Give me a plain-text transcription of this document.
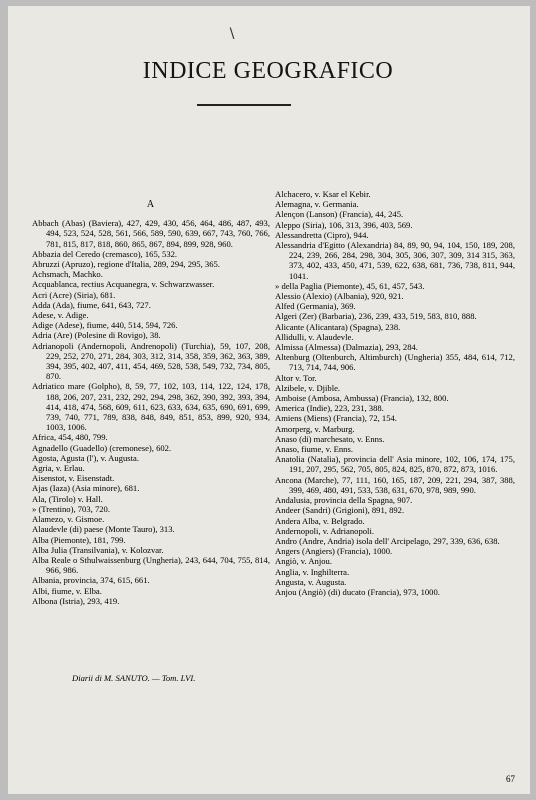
∖
INDICE GEOGRAFICO
A

Abbach (Abas) (Baviera), 427, 429, 430, 456, 464, 486, 487, 493, 494, 523, 524, 528, 561, 566, 589, 590, 639, 667, 743, 760, 766, 781, 815, 817, 818, 860, 865, 867, 894, 899, 928, 960.

Abbazia del Ceredo (cremasco), 165, 532.

Abruzzi (Apruzo), regione d'Italia, 289, 294, 295, 365.

Achsmach, Machko.

Acquablanca, rectius Acquanegra, v. Schwarzwasser.

Acri (Acre) (Siria), 681.

Adda (Ada), fiume, 641, 643, 727.

Adese, v. Adige.

Adige (Adese), fiume, 440, 514, 594, 726.

Adria (Are) (Polesine di Rovigo), 38.

Adrianopoli (Andernopoli, Andrenopoli) (Turchia), 59, 107, 208, 229, 252, 270, 271, 284, 303, 312, 314, 358, 359, 362, 363, 389, 394, 395, 402, 407, 411, 454, 469, 528, 538, 549, 732, 734, 805, 870.

Adriatico mare (Golpho), 8, 59, 77, 102, 103, 114, 122, 124, 178, 188, 206, 207, 231, 232, 292, 294, 298, 362, 390, 392, 393, 394, 414, 418, 474, 568, 609, 611, 623, 633, 634, 635, 690, 691, 699, 739, 740, 771, 789, 838, 848, 849, 851, 853, 899, 920, 934, 1003, 1006.

Africa, 454, 480, 799.

Agnadello (Guadello) (cremonese), 602.

Agosta, Agusta (l'), v. Augusta.

Agria, v. Erlau.

Aisenstot, v. Eisenstadt.

Ajas (Iaza) (Asia minore), 681.

Ala, (Tirolo) v. Hall.

» (Trentino), 703, 720.

Alamezo, v. Gismoe.

Alaudevle (di) paese (Monte Tauro), 313.

Alba (Piemonte), 181, 799.

Alba Julia (Transilvania), v. Kolozvar.

Alba Reale o Sthulwaissenburg (Ungheria), 243, 644, 704, 755, 814, 966, 986.

Albania, provincia, 374, 615, 661.

Albi, fiume, v. Elba.

Albona (Istria), 293, 419.

Alchacero, v. Ksar el Kebir.

Alemagna, v. Germania.

Alençon (Lanson) (Francia), 44, 245.

Aleppo (Siria), 106, 313, 396, 403, 569.

Alessandretta (Cipro), 944.

Alessandria d'Egitto (Alexandria) 84, 89, 90, 94, 104, 150, 189, 208, 224, 239, 266, 284, 298, 304, 305, 306, 307, 309, 314 315, 363, 373, 402, 433, 450, 471, 539, 622, 638, 681, 736, 738, 811, 944, 1041.

» della Paglia (Piemonte), 45, 61, 457, 543.

Alessio (Alexio) (Albania), 920, 921.

Alfed (Germania), 369.

Algeri (Zer) (Barbaria), 236, 239, 433, 519, 583, 810, 888.

Alicante (Alicantara) (Spagna), 238.

Allidulli, v. Alaudevle.

Almissa (Almessa) (Dalmazia), 293, 284.

Altenburg (Oltenburch, Altimburch) (Ungheria) 355, 484, 614, 712, 713, 714, 744, 906.

Altor v. Tor.

Alzibele, v. Djible.

Amboise (Ambosa, Ambussa) (Francia), 132, 800.

America (Indie), 223, 231, 388.

Amiens (Miens) (Francia), 72, 154.

Amorperg, v. Marburg.

Anaso (di) marchesato, v. Enns.

Anaso, fiume, v. Enns.

Anatolia (Natalia), provincia dell' Asia minore, 102, 106, 174, 175, 191, 207, 295, 562, 705, 805, 824, 825, 870, 872, 873, 1016.

Ancona (Marche), 77, 111, 160, 165, 187, 209, 221, 294, 387, 388, 399, 469, 480, 491, 533, 538, 631, 670, 978, 989, 990.

Andalusia, provincia della Spagna, 907.

Andeer (Sandri) (Grigioni), 891, 892.

Andera Alba, v. Belgrado.

Andernopoli, v. Adrianopoli.

Andro (Andre, Andria) isola dell' Arcipelago, 297, 339, 636, 638.

Angers (Angiers) (Francia), 1000.

Angiò, v. Anjou.

Anglia, v. Inghilterra.

Angusta, v. Augusta.

Anjou (Angiò) (di) ducato (Francia), 973, 1000.

Diarii di M. SANUTO. — Tom. LVI.
67
